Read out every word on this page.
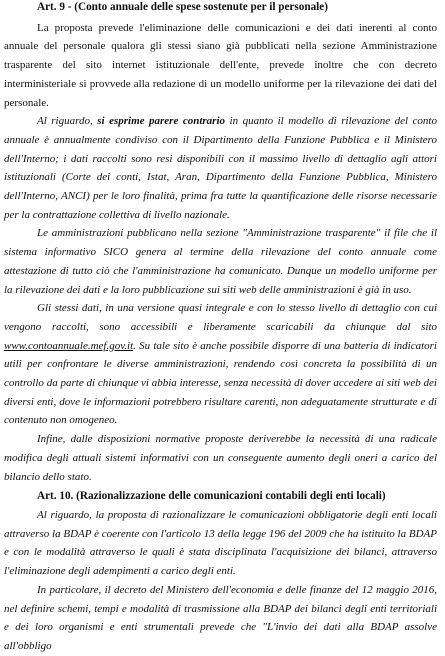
Art. 9 - (Conto annuale delle spese sostenute per il personale)

La proposta prevede l'eliminazione delle comunicazioni e dei dati inerenti al conto annuale del personale qualora gli stessi siano già pubblicati nella sezione Amministrazione trasparente del sito internet istituzionale dell'ente, prevede inoltre che con decreto interministeriale si provvede alla redazione di un modello uniforme per la rilevazione dei dati del personale.

Al riguardo, si esprime parere contrario in quanto il modello di rilevazione del conto annuale è annualmente condiviso con il Dipartimento della Funzione Pubblica e il Ministero dell'Interno; i dati raccolti sono resi disponibili con il massimo livello di dettaglio agli attori istituzionali (Corte dei conti, Istat, Aran, Dipartimento della Funzione Pubblica, Ministero dell'Interno, ANCI) per le loro finalità, prima fra tutte la quantificazione delle risorse necessarie per la contrattazione collettiva di livello nazionale.

Le amministrazioni pubblicano nella sezione "Amministrazione trasparente" il file che il sistema informativo SICO genera al termine della rilevazione del conto annuale come attestazione di tutto ciò che l'amministrazione ha comunicato. Dunque un modello uniforme per la rilevazione dei dati e la loro pubblicazione sui siti web delle amministrazioni è già in uso.

Gli stessi dati, in una versione quasi integrale e con lo stesso livello di dettaglio con cui vengono raccolti, sono accessibili e liberamente scaricabili da chiunque dal sito www.contoannuale.mef.gov.it. Su tale sito è anche possibile disporre di una batteria di indicatori utili per confrontare le diverse amministrazioni, rendendo così concreta la possibilità di un controllo da parte di chiunque vi abbia interesse, senza necessità di dover accedere ai siti web dei diversi enti, dove le informazioni potrebbero risultare carenti, non adeguatamente strutturate e di contenuto non omogeneo.

Infine, dalle disposizioni normative proposte deriverebbe la necessità di una radicale modifica degli attuali sistemi informativi con un conseguente aumento degli oneri a carico del bilancio dello stato.

Art. 10. (Razionalizzazione delle comunicazioni contabili degli enti locali)

Al riguardo, la proposta di razionalizzare le comunicazioni obbligatorie degli enti locali attraverso la BDAP è coerente con l'articolo 13 della legge 196 del 2009 che ha istituito la BDAP e con le modalità attraverso le quali è stata disciplinata l'acquisizione dei bilanci, attraverso l'eliminazione degli adempimenti a carico degli enti.

In particolare, il decreto del Ministero dell'economia e delle finanze del 12 maggio 2016, nel definire schemi, tempi e modalità di trasmissione alla BDAP dei bilanci degli enti territoriali e dei loro organismi e enti strumentali prevede che "L'invio dei dati alla BDAP assolve all'obbligo
